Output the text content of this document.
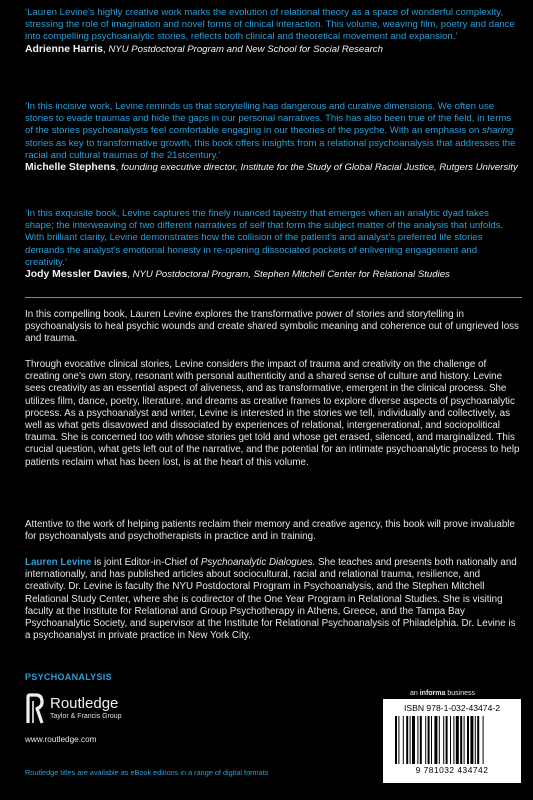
‘Lauren Levine’s highly creative work marks the evolution of relational theory as a space of wonderful complexity, stressing the role of imagination and novel forms of clinical interaction. This volume, weaving film, poetry and dance into compelling psychoanalytic stories, reflects both clinical and theoretical movement and expansion.’

Adrienne Harris, NYU Postdoctoral Program and New School for Social Research

‘In this incisive work, Levine reminds us that storytelling has dangerous and curative dimensions. We often use stories to evade traumas and hide the gaps in our personal narratives. This has also been true of the field, in terms of the stories psychoanalysts feel comfortable engaging in our theories of the psyche. With an emphasis on sharing stories as key to transformative growth, this book offers insights from a relational psychoanalysis that addresses the racial and cultural traumas of the 21stcentury.’

Michelle Stephens, founding executive director, Institute for the Study of Global Racial Justice, Rutgers University

‘In this exquisite book, Levine captures the finely nuanced tapestry that emerges when an analytic dyad takes shape; the interweaving of two different narratives of self that form the subject matter of the analysis that unfolds. With brilliant clarity, Levine demonstrates how the collision of the patient’s and analyst’s preferred life stories demands the analyst’s emotional honesty in re-opening dissociated pockets of enlivening engagement and creativity.’

Jody Messler Davies, NYU Postdoctoral Program, Stephen Mitchell Center for Relational Studies

In this compelling book, Lauren Levine explores the transformative power of stories and storytelling in psychoanalysis to heal psychic wounds and create shared symbolic meaning and coherence out of ungrieved loss and trauma.

Through evocative clinical stories, Levine considers the impact of trauma and creativity on the challenge of creating one’s own story, resonant with personal authenticity and a shared sense of culture and history. Levine sees creativity as an essential aspect of aliveness, and as transformative, emergent in the clinical process. She utilizes film, dance, poetry, literature, and dreams as creative frames to explore diverse aspects of psychoanalytic process. As a psychoanalyst and writer, Levine is interested in the stories we tell, individually and collectively, as well as what gets disavowed and dissociated by experiences of relational, intergenerational, and sociopolitical trauma. She is concerned too with whose stories get told and whose get erased, silenced, and marginalized. This crucial question, what gets left out of the narrative, and the potential for an intimate psychoanalytic process to help patients reclaim what has been lost, is at the heart of this volume.

Attentive to the work of helping patients reclaim their memory and creative agency, this book will prove invaluable for psychoanalysts and psychotherapists in practice and in training.

Lauren Levine is joint Editor-in-Chief of Psychoanalytic Dialogues. She teaches and presents both nationally and internationally, and has published articles about sociocultural, racial and relational trauma, resilience, and creativity. Dr. Levine is faculty the NYU Postdoctoral Program in Psychoanalysis, and the Stephen Mitchell Relational Study Center, where she is codirector of the One Year Program in Relational Studies. She is visiting faculty at the Institute for Relational and Group Psychotherapy in Athens, Greece, and the Tampa Bay Psychoanalytic Society, and supervisor at the Institute for Relational Psychoanalysis of Philadelphia. Dr. Levine is a psychoanalyst in private practice in New York City.

PSYCHOANALYSIS

Routledge
Taylor & Francis Group

www.routledge.com

Routledge titles are available as eBook editions in a range of digital formats

an informa business

ISBN 978-1-032-43474-2

9 781032 434742
